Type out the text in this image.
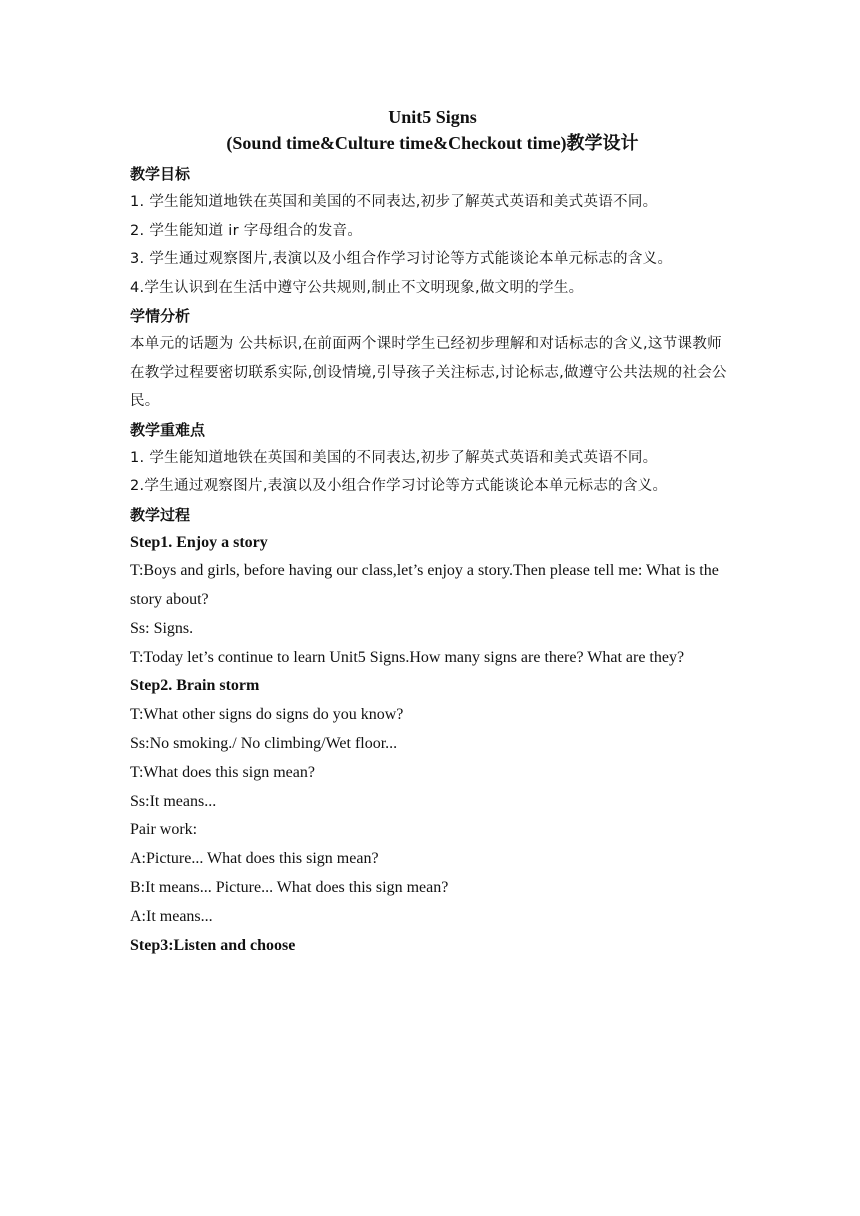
Unit5 Signs

(Sound time&Culture time&Checkout time)教学设计

教学目标

1. 学生能知道地铁在英国和美国的不同表达,初步了解英式英语和美式英语不同。

2. 学生能知道 ir 字母组合的发音。

3. 学生通过观察图片,表演以及小组合作学习讨论等方式能谈论本单元标志的含义。

4.学生认识到在生活中遵守公共规则,制止不文明现象,做文明的学生。

学情分析

本单元的话题为 公共标识,在前面两个课时学生已经初步理解和对话标志的含义,这节课教师在教学过程要密切联系实际,创设情境,引导孩子关注标志,讨论标志,做遵守公共法规的社会公民。

教学重难点

1. 学生能知道地铁在英国和美国的不同表达,初步了解英式英语和美式英语不同。

2.学生通过观察图片,表演以及小组合作学习讨论等方式能谈论本单元标志的含义。

教学过程

Step1. Enjoy a story

T:Boys and girls, before having our class,let’s enjoy a story.Then please tell me: What is the story about?

Ss: Signs.

T:Today let’s continue to learn Unit5 Signs.How many signs are there? What are they?

Step2. Brain storm

T:What other signs do signs do you know?

Ss:No smoking./ No climbing/Wet floor...

T:What does this sign mean?

Ss:It means...

Pair work:

A:Picture... What does this sign mean?

B:It means... Picture... What does this sign mean?

A:It means...

Step3:Listen and choose
